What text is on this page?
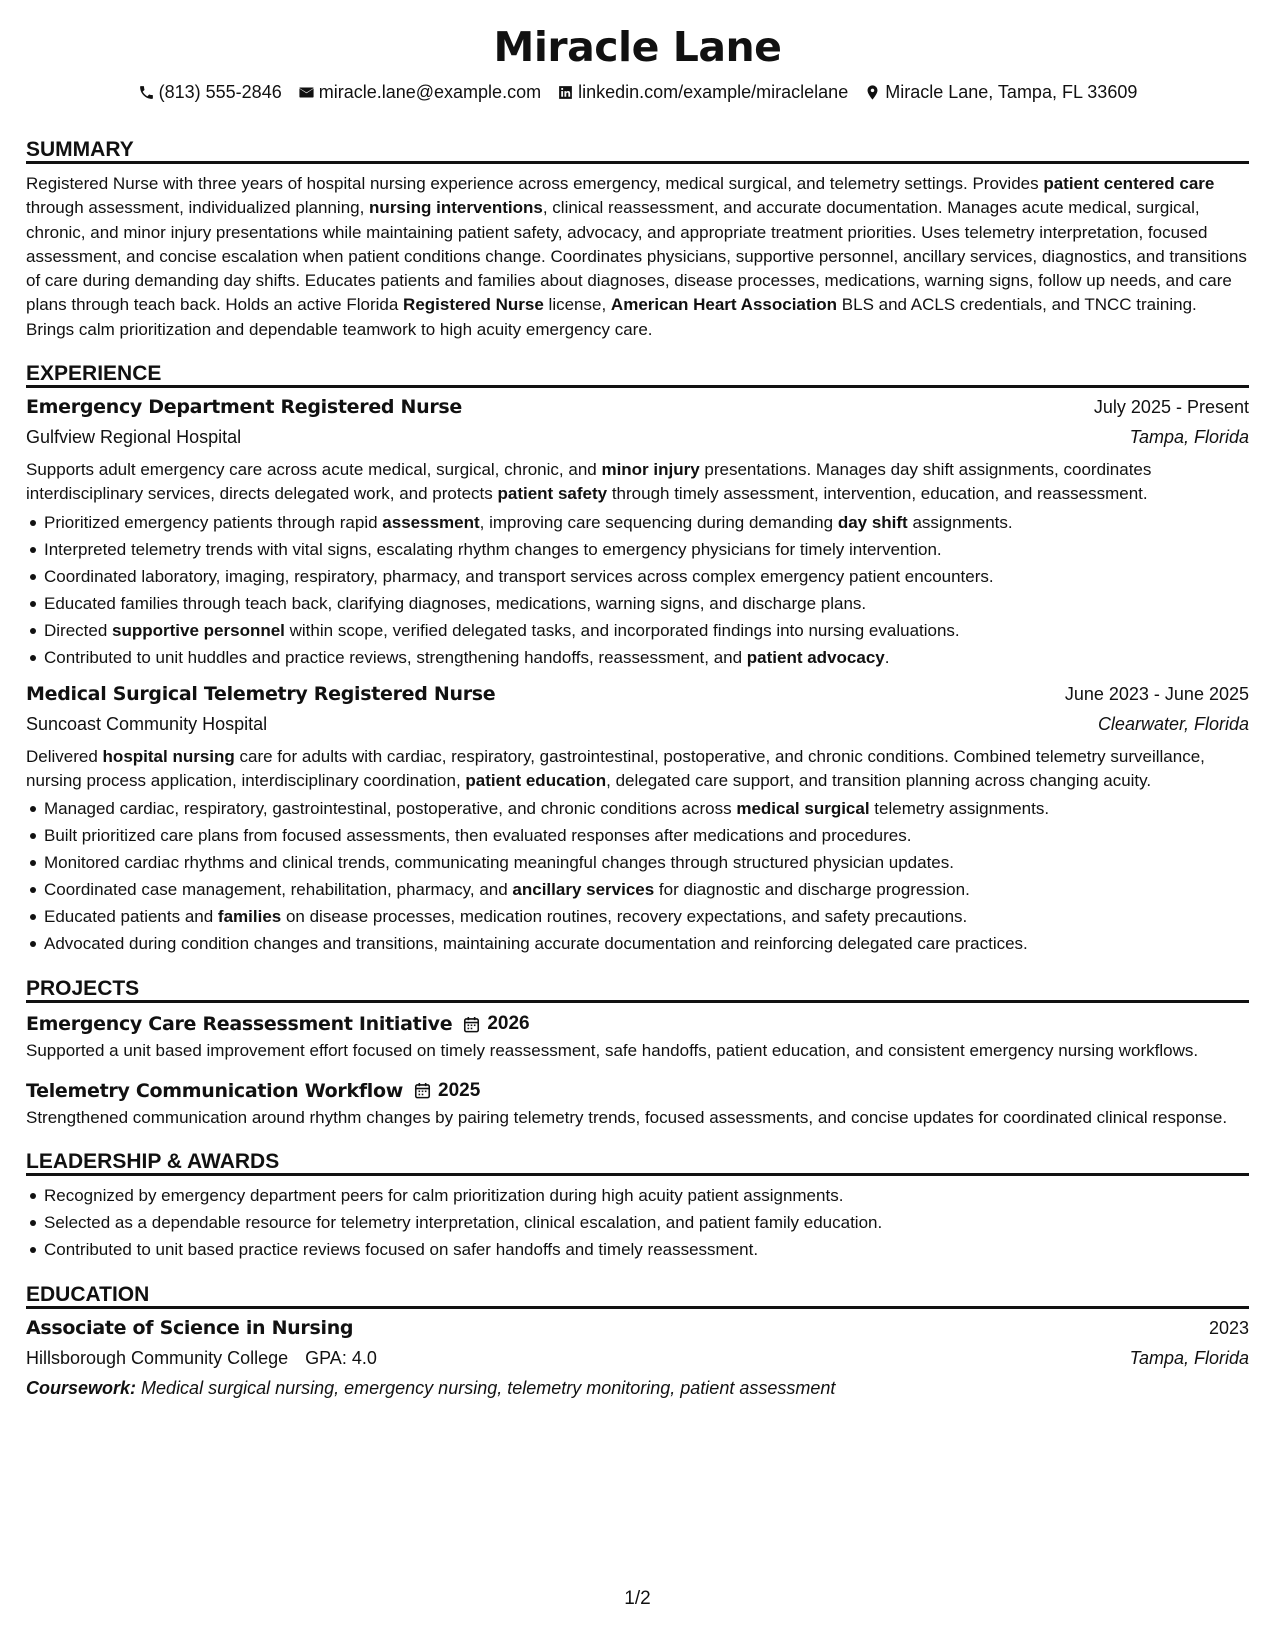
Miracle Lane
(813) 555-2846 miracle.lane@example.com linkedin.com/example/miraclelane Miracle Lane, Tampa, FL 33609
SUMMARY
Registered Nurse with three years of hospital nursing experience across emergency, medical surgical, and telemetry settings. Provides patient centered care through assessment, individualized planning, nursing interventions, clinical reassessment, and accurate documentation. Manages acute medical, surgical, chronic, and minor injury presentations while maintaining patient safety, advocacy, and appropriate treatment priorities. Uses telemetry interpretation, focused assessment, and concise escalation when patient conditions change. Coordinates physicians, supportive personnel, ancillary services, diagnostics, and transitions of care during demanding day shifts. Educates patients and families about diagnoses, disease processes, medications, warning signs, follow up needs, and care plans through teach back. Holds an active Florida Registered Nurse license, American Heart Association BLS and ACLS credentials, and TNCC training. Brings calm prioritization and dependable teamwork to high acuity emergency care.
EXPERIENCE
Emergency Department Registered Nurse	July 2025 - Present
Gulfview Regional Hospital	Tampa, Florida
Supports adult emergency care across acute medical, surgical, chronic, and minor injury presentations. Manages day shift assignments, coordinates interdisciplinary services, directs delegated work, and protects patient safety through timely assessment, intervention, education, and reassessment.
Prioritized emergency patients through rapid assessment, improving care sequencing during demanding day shift assignments.
Interpreted telemetry trends with vital signs, escalating rhythm changes to emergency physicians for timely intervention.
Coordinated laboratory, imaging, respiratory, pharmacy, and transport services across complex emergency patient encounters.
Educated families through teach back, clarifying diagnoses, medications, warning signs, and discharge plans.
Directed supportive personnel within scope, verified delegated tasks, and incorporated findings into nursing evaluations.
Contributed to unit huddles and practice reviews, strengthening handoffs, reassessment, and patient advocacy.
Medical Surgical Telemetry Registered Nurse	June 2023 - June 2025
Suncoast Community Hospital	Clearwater, Florida
Delivered hospital nursing care for adults with cardiac, respiratory, gastrointestinal, postoperative, and chronic conditions. Combined telemetry surveillance, nursing process application, interdisciplinary coordination, patient education, delegated care support, and transition planning across changing acuity.
Managed cardiac, respiratory, gastrointestinal, postoperative, and chronic conditions across medical surgical telemetry assignments.
Built prioritized care plans from focused assessments, then evaluated responses after medications and procedures.
Monitored cardiac rhythms and clinical trends, communicating meaningful changes through structured physician updates.
Coordinated case management, rehabilitation, pharmacy, and ancillary services for diagnostic and discharge progression.
Educated patients and families on disease processes, medication routines, recovery expectations, and safety precautions.
Advocated during condition changes and transitions, maintaining accurate documentation and reinforcing delegated care practices.
PROJECTS
Emergency Care Reassessment Initiative 2026
Supported a unit based improvement effort focused on timely reassessment, safe handoffs, patient education, and consistent emergency nursing workflows.
Telemetry Communication Workflow 2025
Strengthened communication around rhythm changes by pairing telemetry trends, focused assessments, and concise updates for coordinated clinical response.
LEADERSHIP & AWARDS
Recognized by emergency department peers for calm prioritization during high acuity patient assignments.
Selected as a dependable resource for telemetry interpretation, clinical escalation, and patient family education.
Contributed to unit based practice reviews focused on safer handoffs and timely reassessment.
EDUCATION
Associate of Science in Nursing	2023
Hillsborough Community College GPA: 4.0	Tampa, Florida
Coursework: Medical surgical nursing, emergency nursing, telemetry monitoring, patient assessment
1/2
